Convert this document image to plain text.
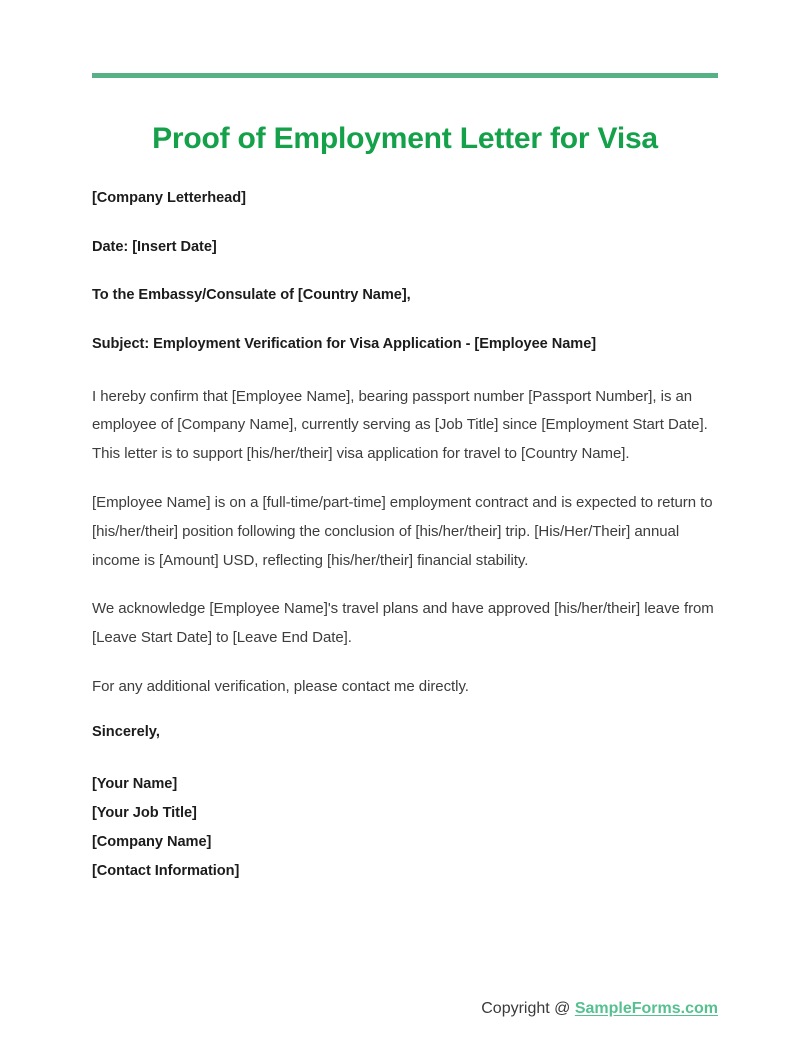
Proof of Employment Letter for Visa

[Company Letterhead]

Date: [Insert Date]

To the Embassy/Consulate of [Country Name],

Subject: Employment Verification for Visa Application - [Employee Name]

I hereby confirm that [Employee Name], bearing passport number [Passport Number], is an employee of [Company Name], currently serving as [Job Title] since [Employment Start Date]. This letter is to support [his/her/their] visa application for travel to [Country Name].

[Employee Name] is on a [full-time/part-time] employment contract and is expected to return to [his/her/their] position following the conclusion of [his/her/their] trip. [His/Her/Their] annual income is [Amount] USD, reflecting [his/her/their] financial stability.

We acknowledge [Employee Name]'s travel plans and have approved [his/her/their] leave from [Leave Start Date] to [Leave End Date].

For any additional verification, please contact me directly.

Sincerely,

[Your Name]

[Your Job Title]

[Company Name]

[Contact Information]

Copyright @ SampleForms.com
